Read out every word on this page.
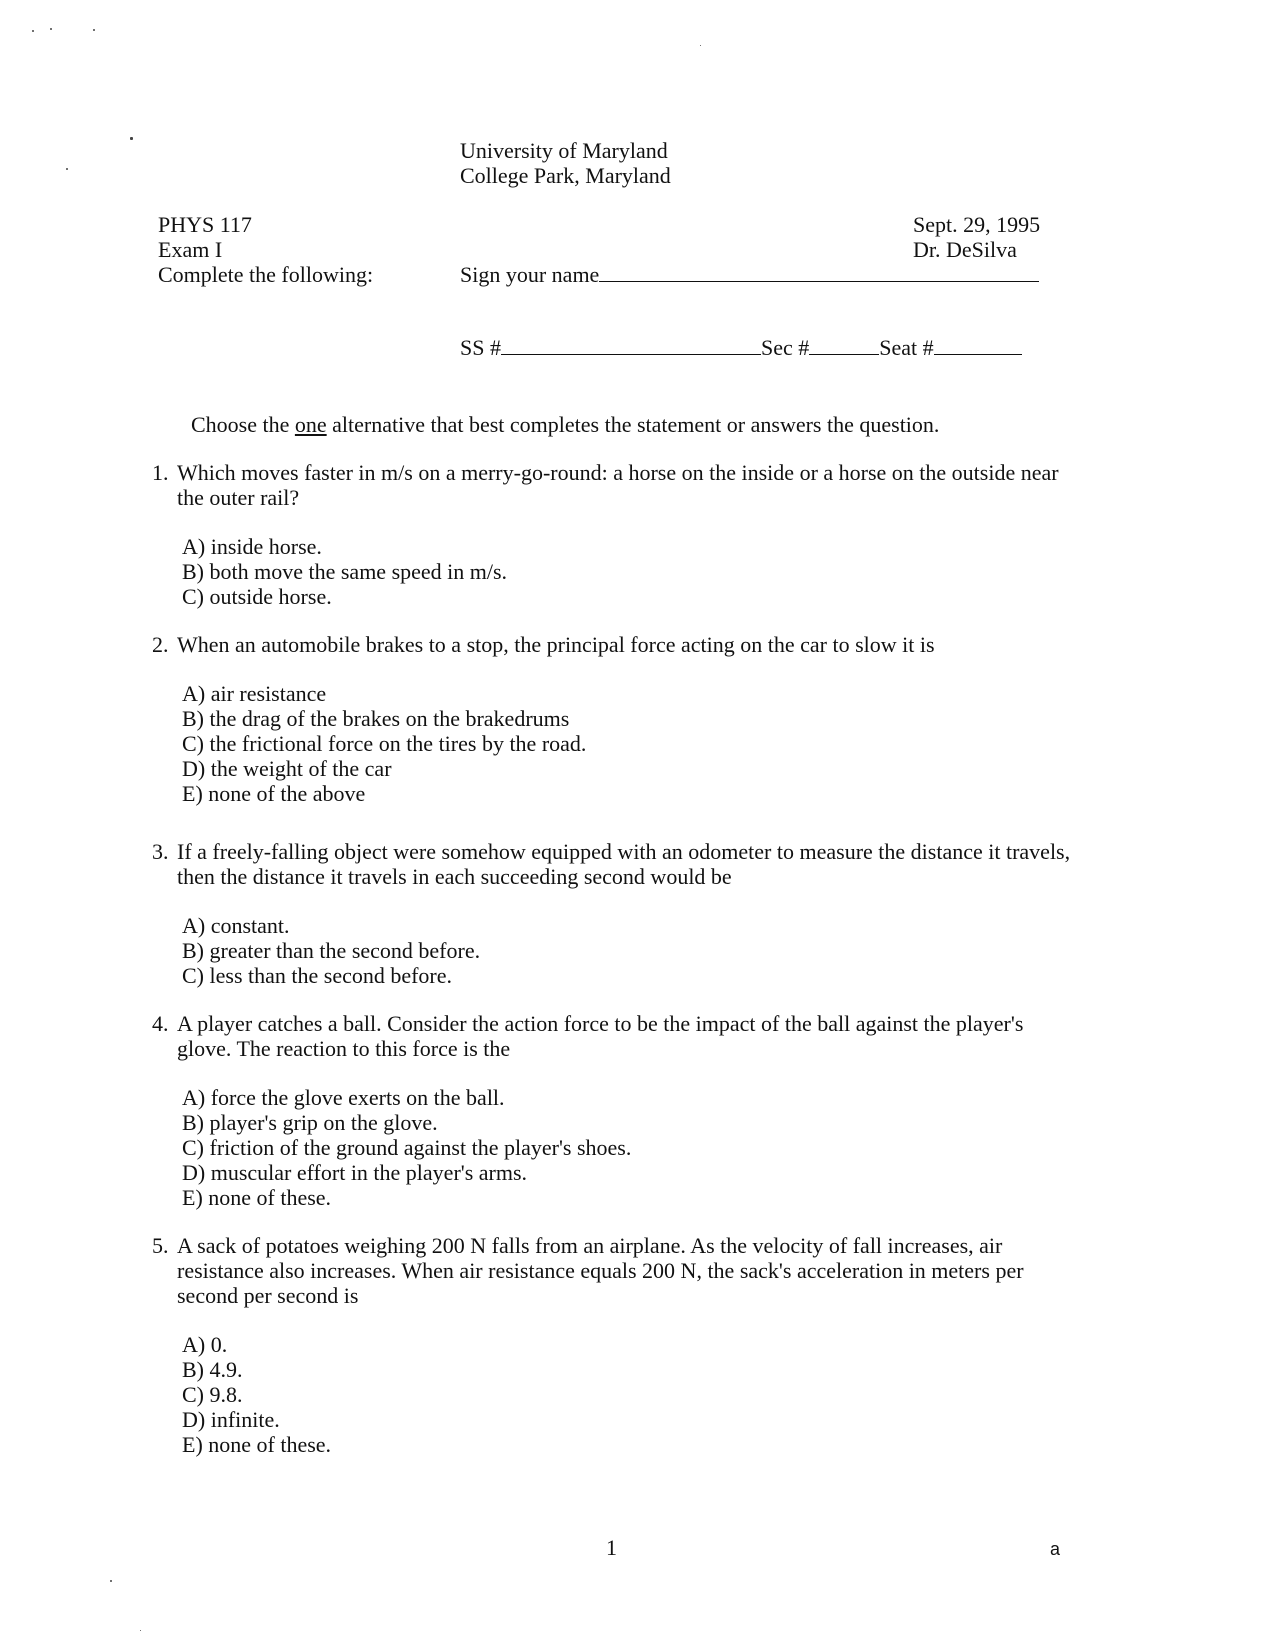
University of Maryland
College Park, Maryland
PHYS 117
Exam I
Complete the following:
Sept. 29, 1995
Dr. DeSilva
Sign your name
SS #	Sec #	Seat #
Choose the one alternative that best completes the statement or answers the question.
1. Which moves faster in m/s on a merry-go-round: a horse on the inside or a horse on the outside near the outer rail?
A) inside horse.
B) both move the same speed in m/s.
C) outside horse.
2. When an automobile brakes to a stop, the principal force acting on the car to slow it is
A) air resistance
B) the drag of the brakes on the brakedrums
C) the frictional force on the tires by the road.
D) the weight of the car
E) none of the above
3. If a freely-falling object were somehow equipped with an odometer to measure the distance it travels, then the distance it travels in each succeeding second would be
A) constant.
B) greater than the second before.
C) less than the second before.
4. A player catches a ball. Consider the action force to be the impact of the ball against the player's glove. The reaction to this force is the
A) force the glove exerts on the ball.
B) player's grip on the glove.
C) friction of the ground against the player's shoes.
D) muscular effort in the player's arms.
E) none of these.
5. A sack of potatoes weighing 200 N falls from an airplane. As the velocity of fall increases, air resistance also increases. When air resistance equals 200 N, the sack's acceleration in meters per second per second is
A) 0.
B) 4.9.
C) 9.8.
D) infinite.
E) none of these.
1	a
